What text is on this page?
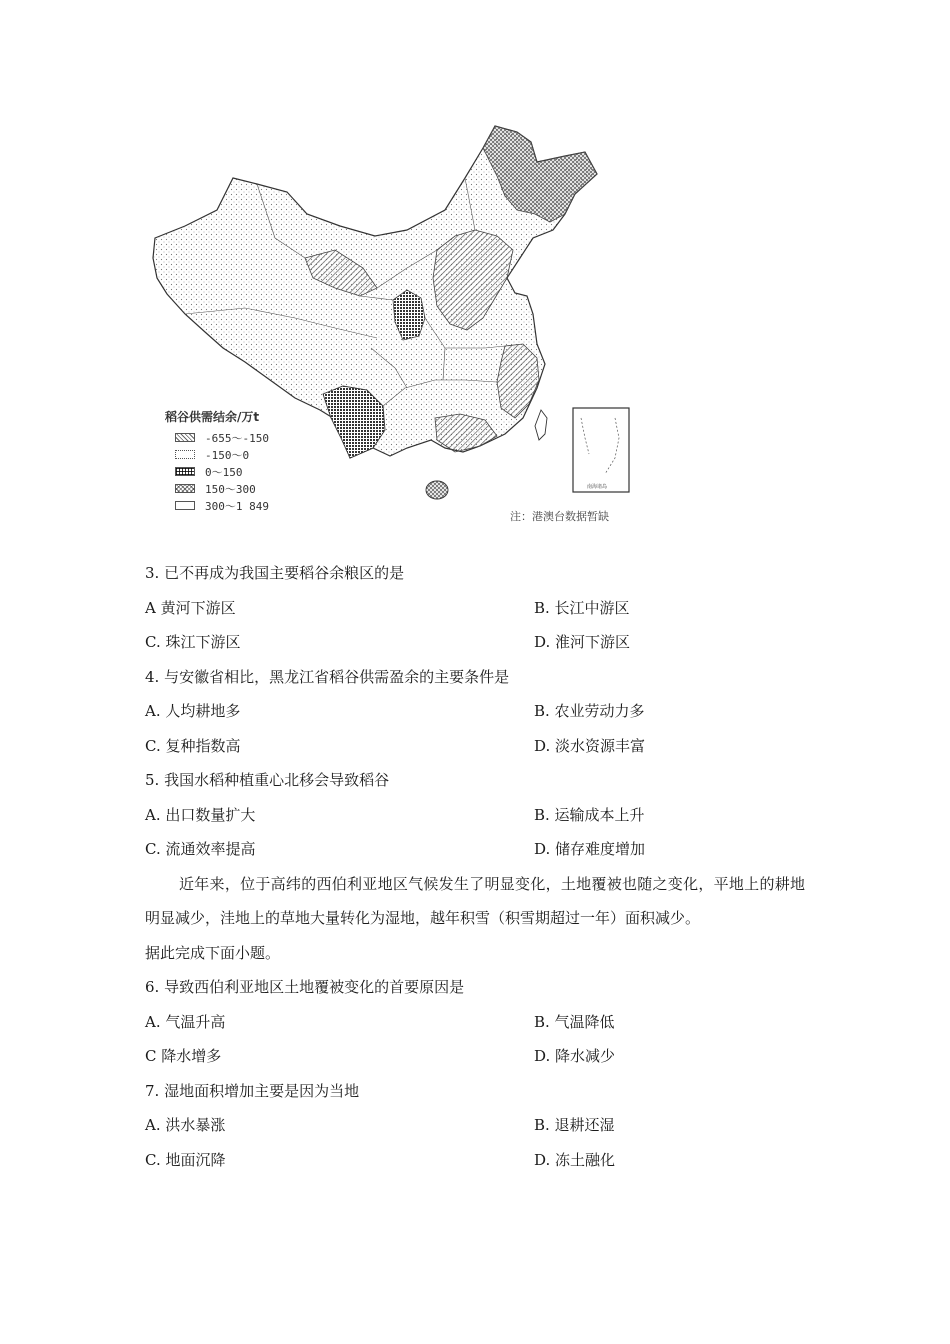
南海诸岛
稻谷供需结余/万t
-655～-150
-150～0
0～150
150～300
300～1 849
注：港澳台数据暂缺
3. 已不再成为我国主要稻谷余粮区的是
A 黄河下游区	B. 长江中游区
C. 珠江下游区	D. 淮河下游区
4. 与安徽省相比，黑龙江省稻谷供需盈余的主要条件是
A. 人均耕地多	B. 农业劳动力多
C. 复种指数高	D. 淡水资源丰富
5. 我国水稻种植重心北移会导致稻谷
A. 出口数量扩大	B. 运输成本上升
C. 流通效率提高	D. 储存难度增加
近年来，位于高纬的西伯利亚地区气候发生了明显变化，土地覆被也随之变化，平地上的耕地明显减少，洼地上的草地大量转化为湿地，越年积雪（积雪期超过一年）面积减少。
据此完成下面小题。
6. 导致西伯利亚地区土地覆被变化的首要原因是
A. 气温升高	B. 气温降低
C 降水增多	D. 降水减少
7. 湿地面积增加主要是因为当地
A. 洪水暴涨	B. 退耕还湿
C. 地面沉降	D. 冻土融化
